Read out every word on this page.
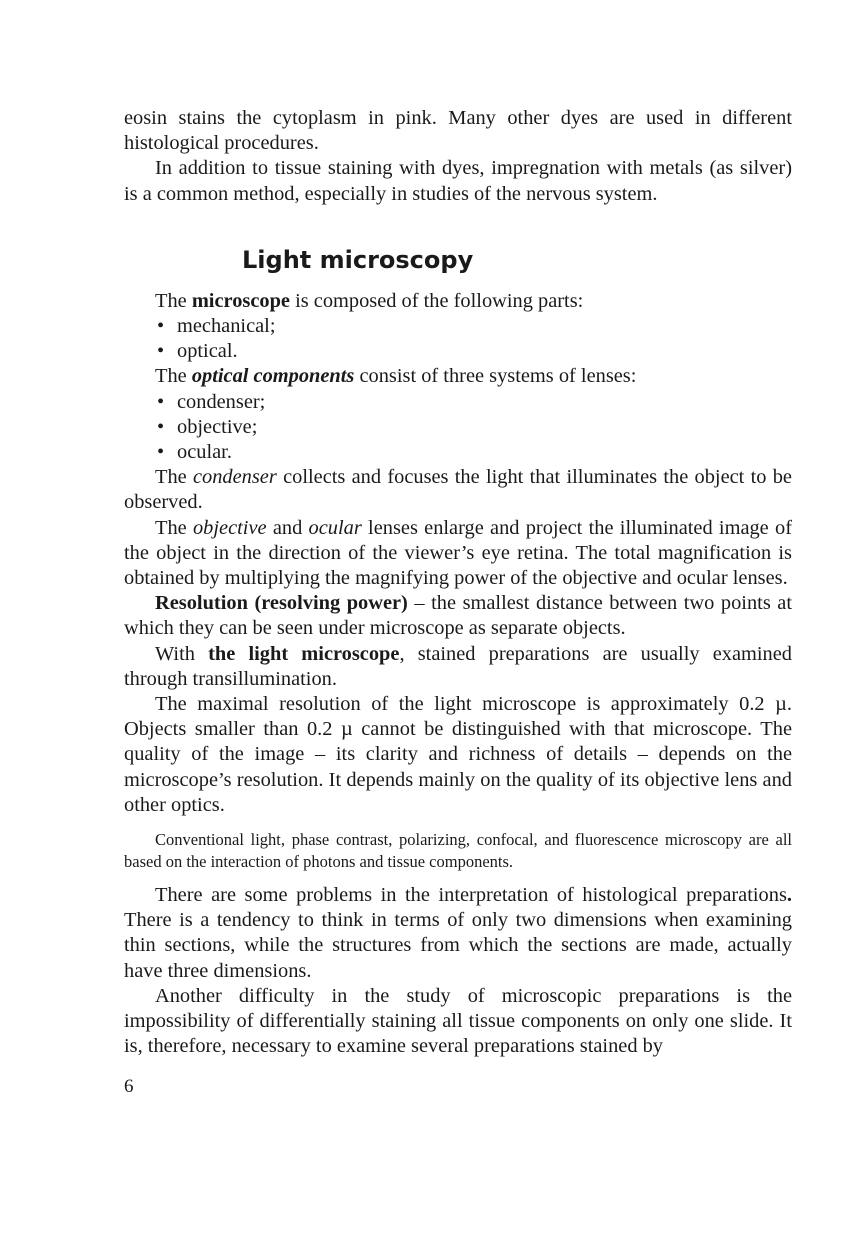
eosin stains the cytoplasm in pink. Many other dyes are used in different histological procedures.

In addition to tissue staining with dyes, impregnation with metals (as silver) is a common method, especially in studies of the nervous system.

Light microscopy

The microscope is composed of the following parts:

• mechanical;
• optical.

The optical components consist of three systems of lenses:

• condenser;
• objective;
• ocular.

The condenser collects and focuses the light that illuminates the object to be observed.

The objective and ocular lenses enlarge and project the illuminated image of the object in the direction of the viewer’s eye retina. The total magnification is obtained by multiplying the magnifying power of the objective and ocular lenses.

Resolution (resolving power) – the smallest distance between two points at which they can be seen under microscope as separate objects.

With the light microscope, stained preparations are usually examined through transillumination.

The maximal resolution of the light microscope is approximately 0.2 µ. Objects smaller than 0.2 µ cannot be distinguished with that microscope. The quality of the image – its clarity and richness of details – depends on the microscope’s resolution. It depends mainly on the quality of its objective lens and other optics.

Conventional light, phase contrast, polarizing, confocal, and fluorescence microscopy are all based on the interaction of photons and tissue components.

There are some problems in the interpretation of histological preparations. There is a tendency to think in terms of only two dimensions when examining thin sections, while the structures from which the sections are made, actually have three dimensions.

Another difficulty in the study of microscopic preparations is the impossibility of differentially staining all tissue components on only one slide. It is, therefore, necessary to examine several preparations stained by

6
